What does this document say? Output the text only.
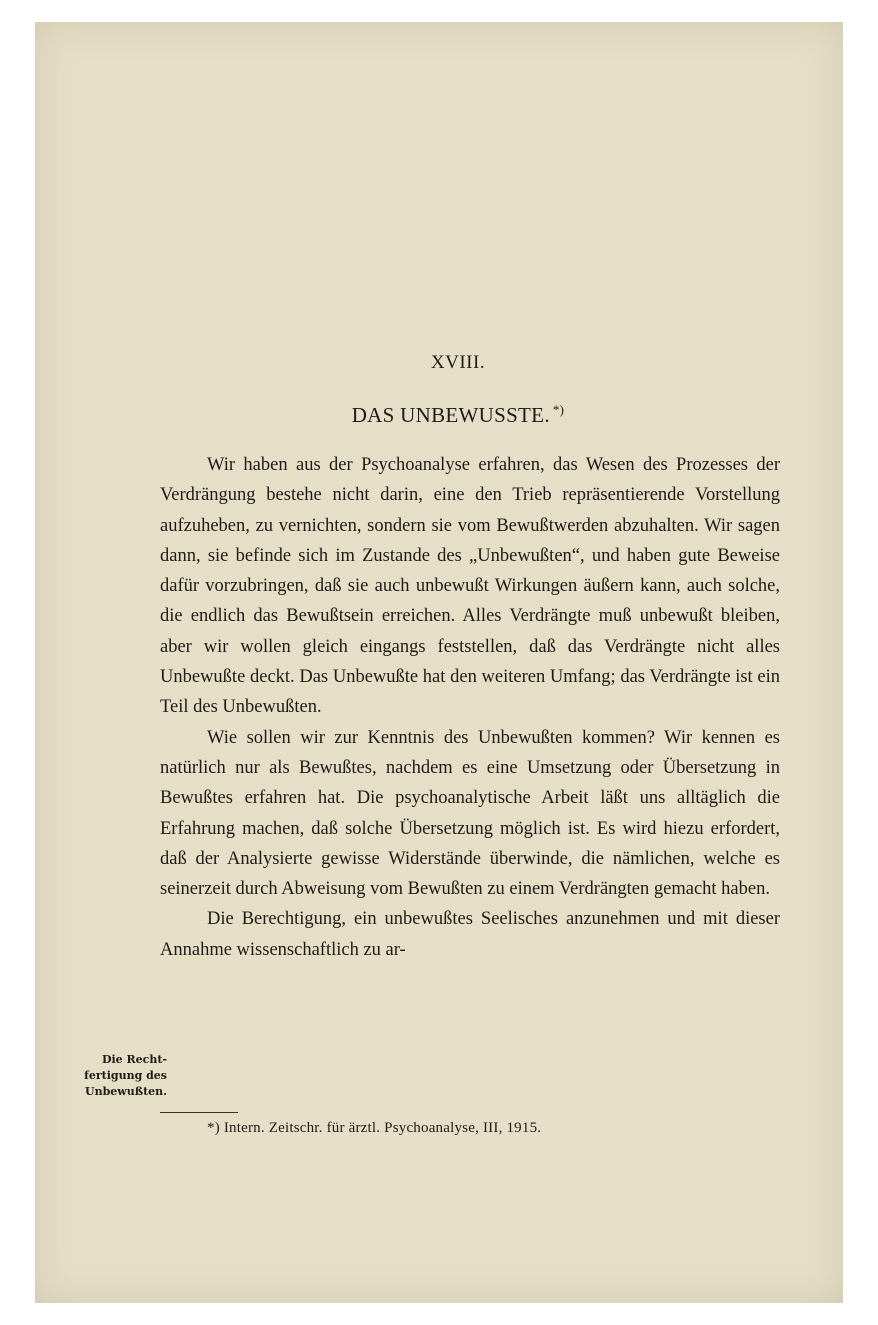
XVIII.
DAS UNBEWUSSTE. *)

Wir haben aus der Psychoanalyse erfahren, das Wesen des Prozesses der Verdrängung bestehe nicht darin, eine den Trieb repräsentierende Vorstellung aufzuheben, zu vernichten, sondern sie vom Bewußtwerden abzuhalten. Wir sagen dann, sie befinde sich im Zustande des „Unbewußten“, und haben gute Beweise dafür vorzubringen, daß sie auch unbewußt Wirkungen äußern kann, auch solche, die endlich das Bewußtsein erreichen. Alles Verdrängte muß unbewußt bleiben, aber wir wollen gleich eingangs feststellen, daß das Verdrängte nicht alles Unbewußte deckt. Das Unbewußte hat den weiteren Umfang; das Verdrängte ist ein Teil des Unbewußten.

Wie sollen wir zur Kenntnis des Unbewußten kommen? Wir kennen es natürlich nur als Bewußtes, nachdem es eine Umsetzung oder Übersetzung in Bewußtes erfahren hat. Die psychoanalytische Arbeit läßt uns alltäglich die Erfahrung machen, daß solche Übersetzung möglich ist. Es wird hiezu erfordert, daß der Analysierte gewisse Widerstände überwinde, die nämlichen, welche es seinerzeit durch Abweisung vom Bewußten zu einem Verdrängten gemacht haben.

Die Berechtigung, ein unbewußtes Seelisches anzunehmen und mit dieser Annahme wissenschaftlich zu ar-

Die Recht-
fertigung des
Unbewußten.
*) Intern. Zeitschr. für ärztl. Psychoanalyse, III, 1915.
